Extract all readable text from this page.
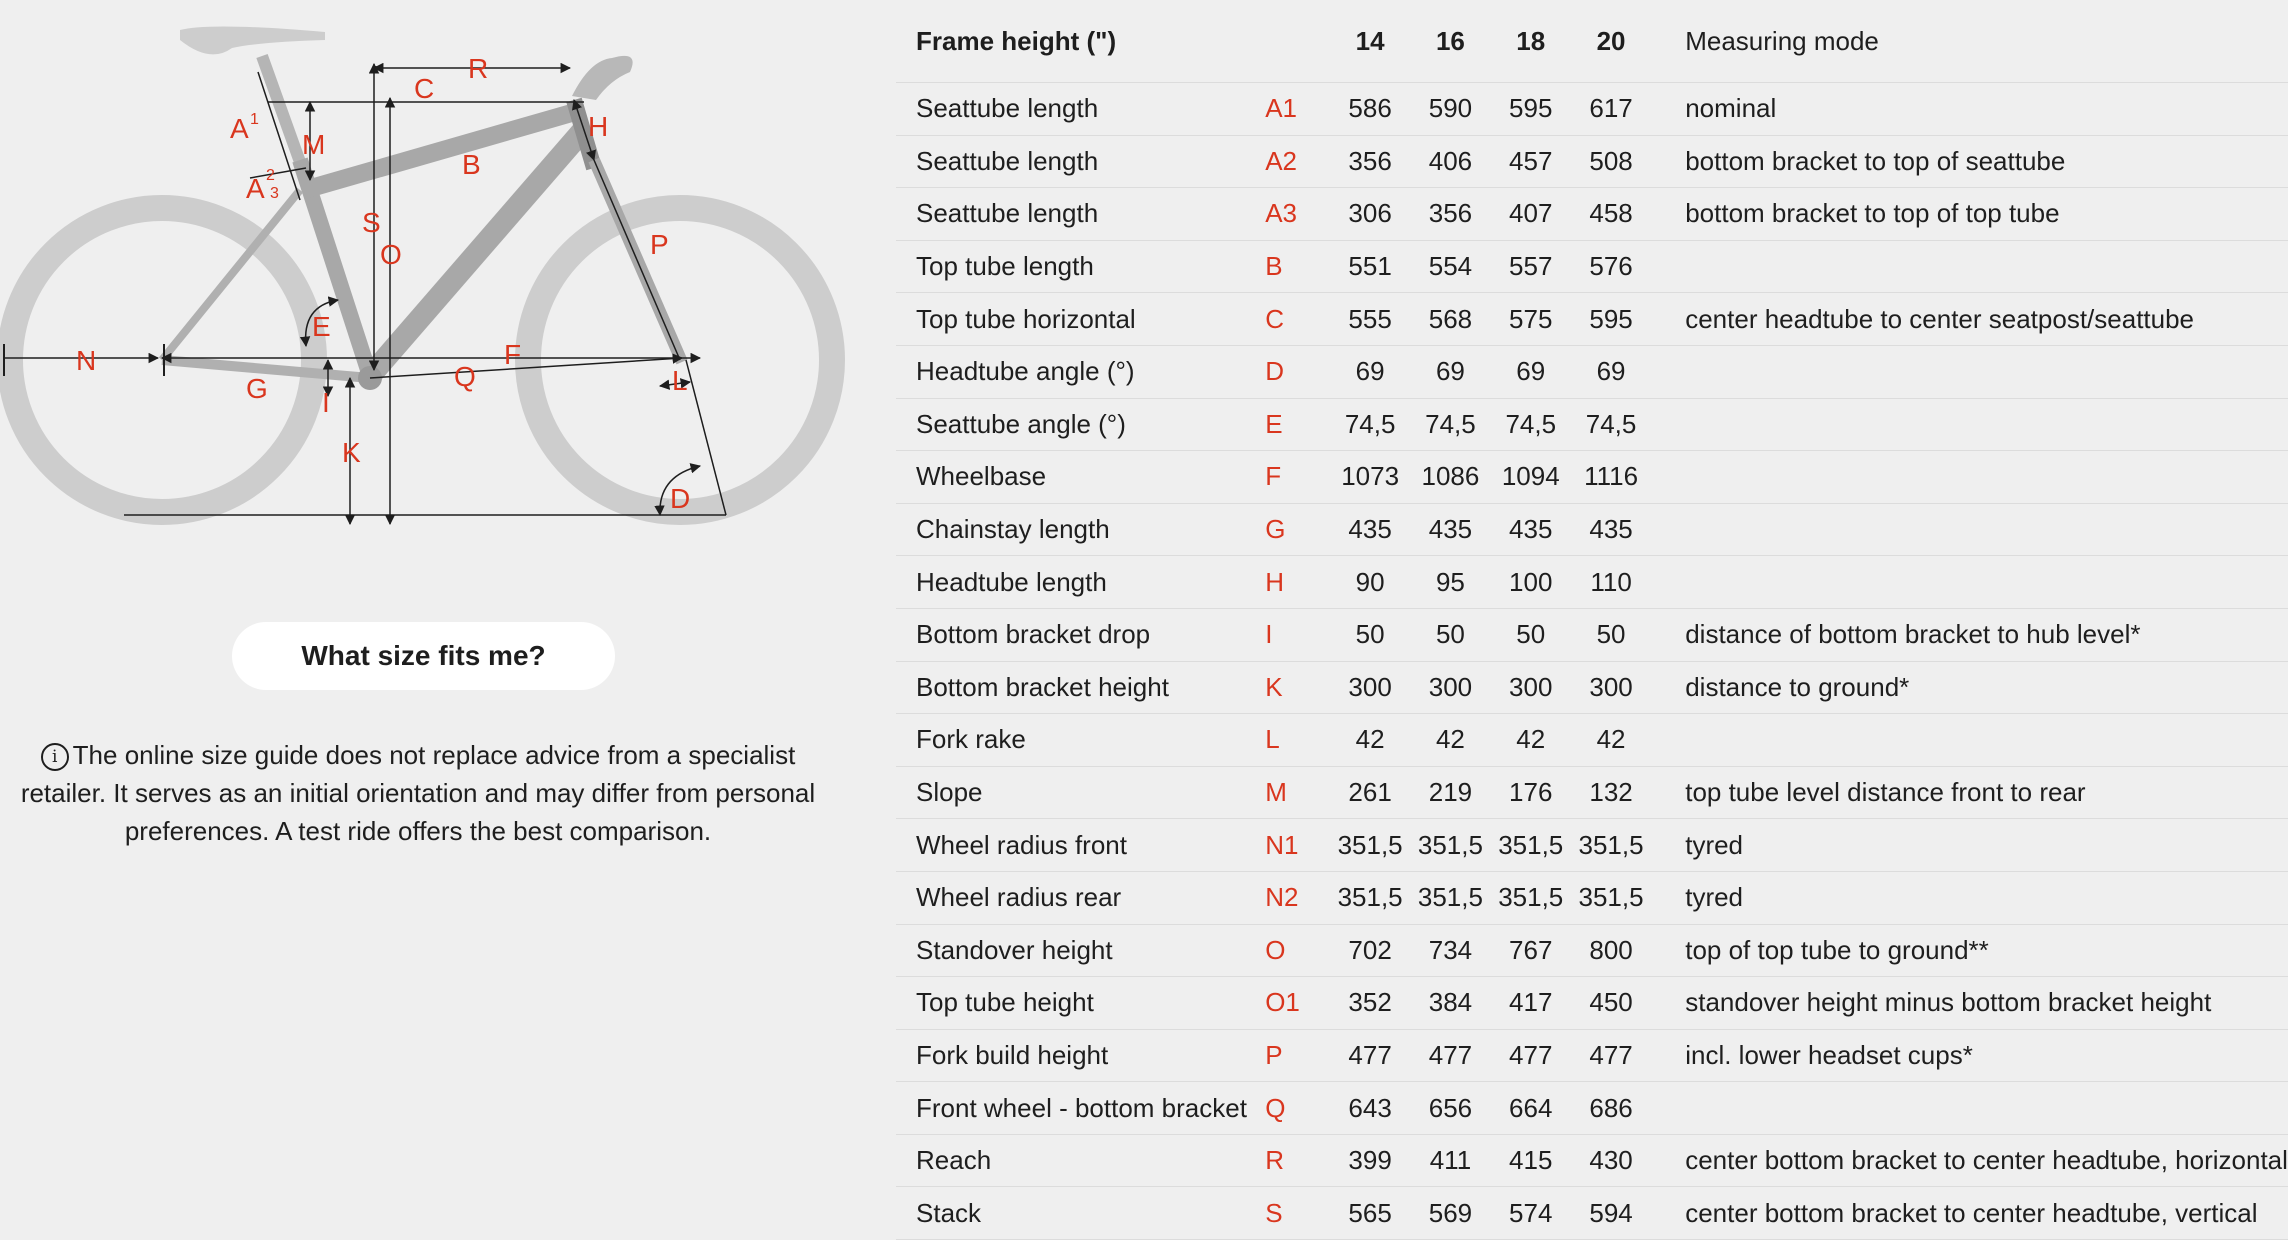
A 1
M
A 2
3
C
R
H
B
S
O	P
E
N	F
Q
G I
L
K
D
What size fits me?
i The online size guide does not replace advice from a specialist retailer. It serves as an initial orientation and may differ from personal preferences. A test ride offers the best comparison.
Frame height (")		14	16	18	20	Measuring mode
Seattube length	A1	586	590	595	617	nominal
Seattube length	A2	356	406	457	508	bottom bracket to top of seattube
Seattube length	A3	306	356	407	458	bottom bracket to top of top tube
Top tube length	B	551	554	557	576	
Top tube horizontal	C	555	568	575	595	center headtube to center seatpost/seattube
Headtube angle (°)	D	69	69	69	69	
Seattube angle (°)	E	74,5	74,5	74,5	74,5	
Wheelbase	F	1073	1086	1094	1116	
Chainstay length	G	435	435	435	435	
Headtube length	H	90	95	100	110	
Bottom bracket drop	I	50	50	50	50	distance of bottom bracket to hub level*
Bottom bracket height	K	300	300	300	300	distance to ground*
Fork rake	L	42	42	42	42	
Slope	M	261	219	176	132	top tube level distance front to rear
Wheel radius front	N1	351,5	351,5	351,5	351,5	tyred
Wheel radius rear	N2	351,5	351,5	351,5	351,5	tyred
Standover height	O	702	734	767	800	top of top tube to ground**
Top tube height	O1	352	384	417	450	standover height minus bottom bracket height
Fork build height	P	477	477	477	477	incl. lower headset cups*
Front wheel - bottom bracket	Q	643	656	664	686	
Reach	R	399	411	415	430	center bottom bracket to center headtube, horizontal
Stack	S	565	569	574	594	center bottom bracket to center headtube, vertical
